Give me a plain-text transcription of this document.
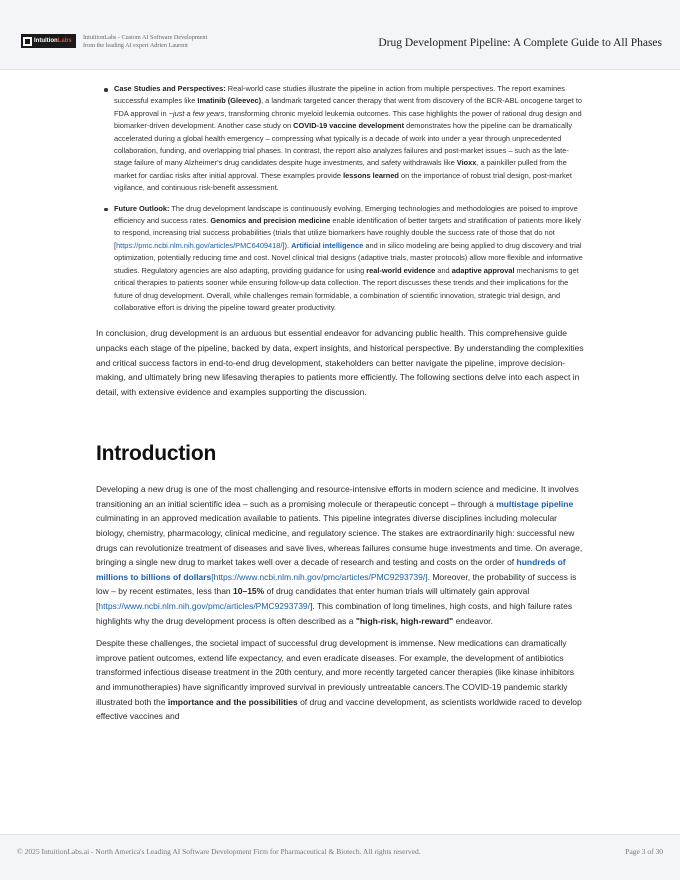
IntuitionLabs IntuitionLabs - Custom AI Software Development
from the leading AI expert Adrien Laurent	Drug Development Pipeline: A Complete Guide to All Phases
Case Studies and Perspectives: Real-world case studies illustrate the pipeline in action from multiple perspectives. The report examines successful examples like Imatinib (Gleevec), a landmark targeted cancer therapy that went from discovery of the BCR-ABL oncogene target to FDA approval in ~just a few years, transforming chronic myeloid leukemia outcomes. This case highlights the power of rational drug design and biomarker-driven development. Another case study on COVID-19 vaccine development demonstrates how the pipeline can be dramatically accelerated during a global health emergency – compressing what typically is a decade of work into under a year through unprecedented collaboration, funding, and overlapping trial phases. In contrast, the report also analyzes failures and post-market issues – such as the late-stage failure of many Alzheimer's drug candidates despite huge investments, and safety withdrawals like Vioxx, a painkiller pulled from the market for cardiac risks after initial approval. These examples provide lessons learned on the importance of robust trial design, post-market vigilance, and continuous risk-benefit assessment.
Future Outlook: The drug development landscape is continuously evolving. Emerging technologies and methodologies are poised to improve efficiency and success rates. Genomics and precision medicine enable identification of better targets and stratification of patients more likely to respond, increasing trial success probabilities (trials that utilize biomarkers have roughly double the success rate of those that do not [https://pmc.ncbi.nlm.nih.gov/articles/PMC6409418/]). Artificial intelligence and in silico modeling are being applied to drug discovery and trial optimization, potentially reducing time and cost. Novel clinical trial designs (adaptive trials, master protocols) allow more flexible and informative studies. Regulatory agencies are also adapting, providing guidance for using real-world evidence and adaptive approval mechanisms to get critical therapies to patients sooner while ensuring follow-up data collection. The report discusses these trends and their implications for the future of drug development. Overall, while challenges remain formidable, a combination of scientific innovation, strategic trial design, and collaborative effort is driving the pipeline toward greater productivity.

In conclusion, drug development is an arduous but essential endeavor for advancing public health. This comprehensive guide unpacks each stage of the pipeline, backed by data, expert insights, and historical perspective. By understanding the complexities and critical success factors in end-to-end drug development, stakeholders can better navigate the pipeline, improve decision-making, and ultimately bring new lifesaving therapies to patients more efficiently. The following sections delve into each aspect in detail, with extensive evidence and examples supporting the discussion.

Introduction

Developing a new drug is one of the most challenging and resource-intensive efforts in modern science and medicine. It involves transitioning an an initial scientific idea – such as a promising molecule or therapeutic concept – through a multistage pipeline culminating in an approved medication available to patients. This pipeline integrates diverse disciplines including molecular biology, chemistry, pharmacology, clinical medicine, and regulatory science. The stakes are extraordinarily high: successful new drugs can revolutionize treatment of diseases and save lives, whereas failures consume huge investments and time. On average, bringing a single new drug to market takes well over a decade of research and testing and costs on the order of hundreds of millions to billions of dollars[https://www.ncbi.nlm.nih.gov/pmc/articles/PMC9293739/]. Moreover, the probability of success is low – by recent estimates, less than 10–15% of drug candidates that enter human trials will ultimately gain approval [https://www.ncbi.nlm.nih.gov/pmc/articles/PMC9293739/]. This combination of long timelines, high costs, and high failure rates highlights why the drug development process is often described as a "high-risk, high-reward" endeavor.

Despite these challenges, the societal impact of successful drug development is immense. New medications can dramatically improve patient outcomes, extend life expectancy, and even eradicate diseases. For example, the development of antibiotics transformed infectious disease treatment in the 20th century, and more recently targeted cancer therapies (like kinase inhibitors and immunotherapies) have significantly improved survival in previously untreatable cancers.The COVID-19 pandemic starkly illustrated both the importance and the possibilities of drug and vaccine development, as scientists worldwide raced to develop effective vaccines and

© 2025 IntuitionLabs.ai - North America's Leading AI Software Development Firm for Pharmaceutical & Biotech. All rights reserved.	Page 3 of 30
